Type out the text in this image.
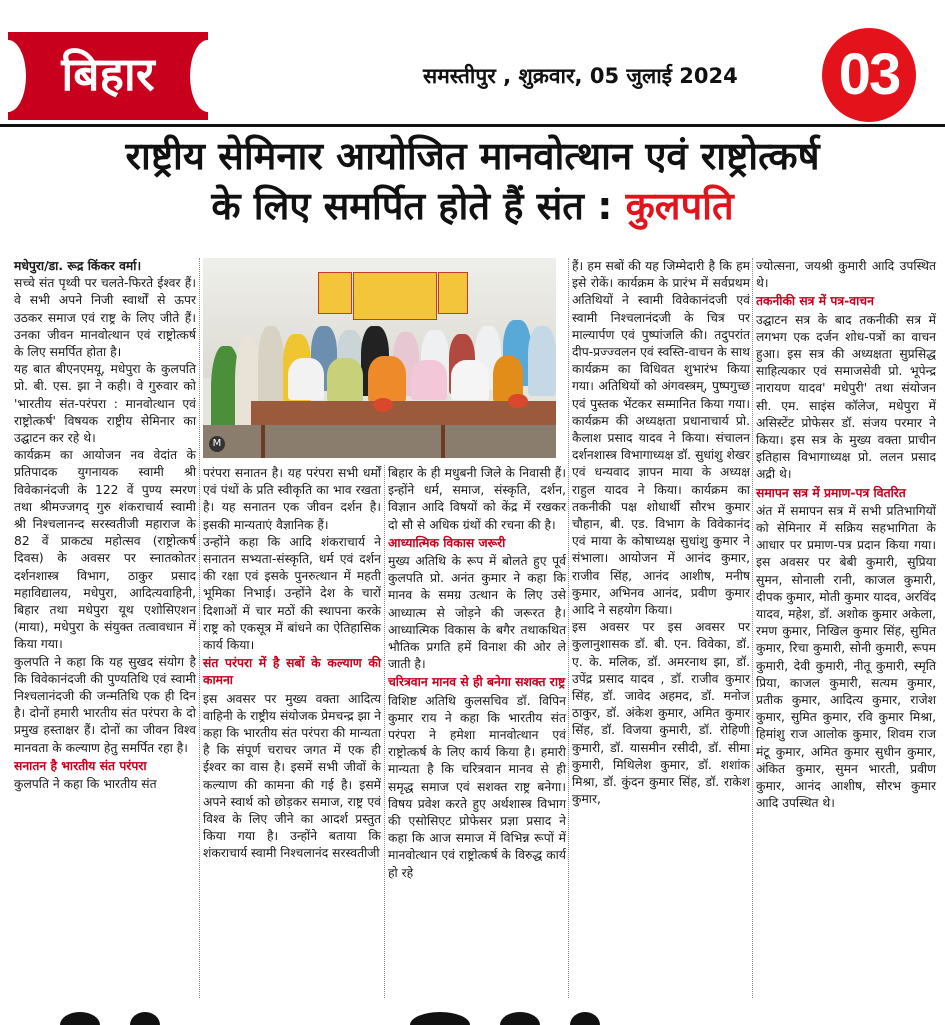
बिहार	समस्तीपुर , शुक्रवार, 05 जुलाई 2024 03
राष्ट्रीय सेमिनार आयोजित मानवोत्थान एवं राष्ट्रोत्कर्ष
के लिए समर्पित होते हैं संत : कुलपति

मधेपुरा/डा. रूद्र किंकर वर्मा।

सच्चे संत पृथ्वी पर चलते-फिरते ईश्वर हैं। वे सभी अपने निजी स्वार्थों से ऊपर उठकर समाज एवं राष्ट्र के लिए जीते हैं। उनका जीवन मानवोत्थान एवं राष्ट्रोत्कर्ष के लिए समर्पित होता है।

यह बात बीएनएमयू, मधेपुरा के कुलपति प्रो. बी. एस. झा ने कही। वे गुरुवार को 'भारतीय संत-परंपरा : मानवोत्थान एवं राष्ट्रोत्कर्ष' विषयक राष्ट्रीय सेमिनार का उद्घाटन कर रहे थे।

कार्यक्रम का आयोजन नव वेदांत के प्रतिपादक युगनायक स्वामी श्री विवेकानंदजी के 122 वें पुण्य स्मरण तथा श्रीमज्जगद् गुरु शंकराचार्य स्वामी श्री निश्चलानन्द सरस्वतीजी महाराज के 82 वें प्राकट्य महोत्सव (राष्ट्रोत्कर्ष दिवस) के अवसर पर स्नातकोतर दर्शनशास्त्र विभाग, ठाकुर प्रसाद महाविद्यालय, मधेपुरा, आदित्यवाहिनी, बिहार तथा मधेपुरा यूथ एशोसिएशन (माया), मधेपुरा के संयुक्त तत्वावधान में किया गया।

कुलपति ने कहा कि यह सुखद संयोग है कि विवेकानंदजी की पुण्यतिथि एवं स्वामी निश्चलानंदजी की जन्मतिथि एक ही दिन है। दोनों हमारी भारतीय संत परंपरा के दो प्रमुख हस्ताक्षर हैं। दोनों का जीवन विश्व मानवता के कल्याण हेतु समर्पित रहा है।

सनातन है भारतीय संत परंपरा

कुलपति ने कहा कि भारतीय संत

M

परंपरा सनातन है। यह परंपरा सभी धर्मों एवं पंथों के प्रति स्वीकृति का भाव रखता है। यह सनातन एक जीवन दर्शन है। इसकी मान्यताएं वैज्ञानिक हैं।

उन्होंने कहा कि आदि शंकराचार्य ने सनातन सभ्यता-संस्कृति, धर्म एवं दर्शन की रक्षा एवं इसके पुनरुत्थान में महती भूमिका निभाई। उन्होंने देश के चारों दिशाओं में चार मठों की स्थापना करके राष्ट्र को एकसूत्र में बांधने का ऐतिहासिक कार्य किया।

संत परंपरा में है सबों के कल्याण की कामना

इस अवसर पर मुख्य वक्ता आदित्य वाहिनी के राष्ट्रीय संयोजक प्रेमचन्द्र झा ने कहा कि भारतीय संत परंपरा की मान्यता है कि संपूर्ण चराचर जगत में एक ही ईश्वर का वास है। इसमें सभी जीवों के कल्याण की कामना की गई है। इसमें अपने स्वार्थ को छोड़कर समाज, राष्ट्र एवं विश्व के लिए जीने का आदर्श प्रस्तुत किया गया है। उन्होंने बताया कि शंकराचार्य स्वामी निश्चलानंद सरस्वतीजी

बिहार के ही मधुबनी जिले के निवासी हैं। इन्होंने धर्म, समाज, संस्कृति, दर्शन, विज्ञान आदि विषयों को केंद्र में रखकर दो सौ से अधिक ग्रंथों की रचना की है।

आध्यात्मिक विकास जरूरी

मुख्य अतिथि के रूप में बोलते हुए पूर्व कुलपति प्रो. अनंत कुमार ने कहा कि मानव के समग्र उत्थान के लिए उसे आध्यात्म से जोड़ने की जरूरत है। आध्यात्मिक विकास के बगैर तथाकथित भौतिक प्रगति हमें विनाश की ओर ले जाती है।

चरित्रवान मानव से ही बनेगा सशक्त राष्ट्र

विशिष्ट अतिथि कुलसचिव डॉ. विपिन कुमार राय ने कहा कि भारतीय संत परंपरा ने हमेशा मानवोत्थान एवं राष्ट्रोत्कर्ष के लिए कार्य किया है। हमारी मान्यता है कि चरित्रवान मानव से ही समृद्ध समाज एवं सशक्त राष्ट्र बनेगा। विषय प्रवेश करते हुए अर्थशास्त्र विभाग की एसोसिएट प्रोफेसर प्रज्ञा प्रसाद ने कहा कि आज समाज में विभिन्न रूपों में मानवोत्थान एवं राष्ट्रोत्कर्ष के विरुद्ध कार्य हो रहे

हैं। हम सबों की यह जिम्मेदारी है कि हम इसे रोकें। कार्यक्रम के प्रारंभ में सर्वप्रथम अतिथियों ने स्वामी विवेकानंदजी एवं स्वामी निश्चलानंदजी के चित्र पर माल्यार्पण एवं पुष्पांजलि की। तदुपरांत दीप-प्रज्ज्वलन एवं स्वस्ति-वाचन के साथ कार्यक्रम का विधिवत शुभारंभ किया गया। अतिथियों को अंगवस्त्रम्, पुष्पगुच्छ एवं पुस्तक भेंटकर सम्मानित किया गया। कार्यक्रम की अध्यक्षता प्रधानाचार्य प्रो. कैलाश प्रसाद यादव ने किया। संचालन दर्शनशास्त्र विभागाध्यक्ष डॉ. सुधांशु शेखर एवं धन्यवाद ज्ञापन माया के अध्यक्ष राहुल यादव ने किया। कार्यक्रम का तकनीकी पक्ष शोधार्थी सौरभ कुमार चौहान, बी. एड. विभाग के विवेकानंद एवं माया के कोषाध्यक्ष सुधांशु कुमार ने संभाला। आयोजन में आनंद कुमार, राजीव सिंह, आनंद आशीष, मनीष कुमार, अभिनव आनंद, प्रवीण कुमार आदि ने सहयोग किया।

इस अवसर पर इस अवसर पर कुलानुशासक डॉ. बी. एन. विवेका, डॉ. ए. के. मलिक, डॉ. अमरनाथ झा, डॉ. उपेंद्र प्रसाद यादव , डॉ. राजीव कुमार सिंह, डॉ. जावेद अहमद, डॉ. मनोज ठाकुर, डॉ. अंकेश कुमार, अमित कुमार सिंह, डॉ. विजया कुमारी, डॉ. रोहिणी कुमारी, डॉ. यासमीन रसीदी, डॉ. सीमा कुमारी, मिथिलेश कुमार, डॉ. शशांक मिश्रा, डॉ. कुंदन कुमार सिंह, डॉ. राकेश कुमार,

ज्योत्सना, जयश्री कुमारी आदि उपस्थित थे।

तकनीकी सत्र में पत्र-वाचन

उद्घाटन सत्र के बाद तकनीकी सत्र में लगभग एक दर्जन शोध-पत्रों का वाचन हुआ। इस सत्र की अध्यक्षता सुप्रसिद्ध साहित्यकार एवं समाजसेवी प्रो. भूपेन्द्र नारायण यादव' मधेपुरी' तथा संयोजन सी. एम. साइंस कॉलेज, मधेपुरा में असिस्टेंट प्रोफेसर डॉ. संजय परमार ने किया। इस सत्र के मुख्य वक्ता प्राचीन इतिहास विभागाध्यक्ष प्रो. ललन प्रसाद अद्री थे।

समापन सत्र में प्रमाण-पत्र वितरित

अंत में समापन सत्र में सभी प्रतिभागियों को सेमिनार में सक्रिय सहभागिता के आधार पर प्रमाण-पत्र प्रदान किया गया। इस अवसर पर बेबी कुमारी, सुप्रिया सुमन, सोनाली रानी, काजल कुमारी, दीपक कुमार, मोती कुमार यादव, अरविंद यादव, महेश, डॉ. अशोक कुमार अकेला, रमण कुमार, निखिल कुमार सिंह, सुमित कुमार, रिचा कुमारी, सोनी कुमारी, रूपम कुमारी, देवी कुमारी, नीतू कुमारी, स्मृति प्रिया, काजल कुमारी, सत्यम कुमार, प्रतीक कुमार, आदित्य कुमार, राजेश कुमार, सुमित कुमार, रवि कुमार मिश्रा, हिमांशु राज आलोक कुमार, शिवम राज मंटू कुमार, अमित कुमार सुधीन कुमार, अंकित कुमार, सुमन भारती, प्रवीण कुमार, आनंद आशीष, सौरभ कुमार आदि उपस्थित थे।
